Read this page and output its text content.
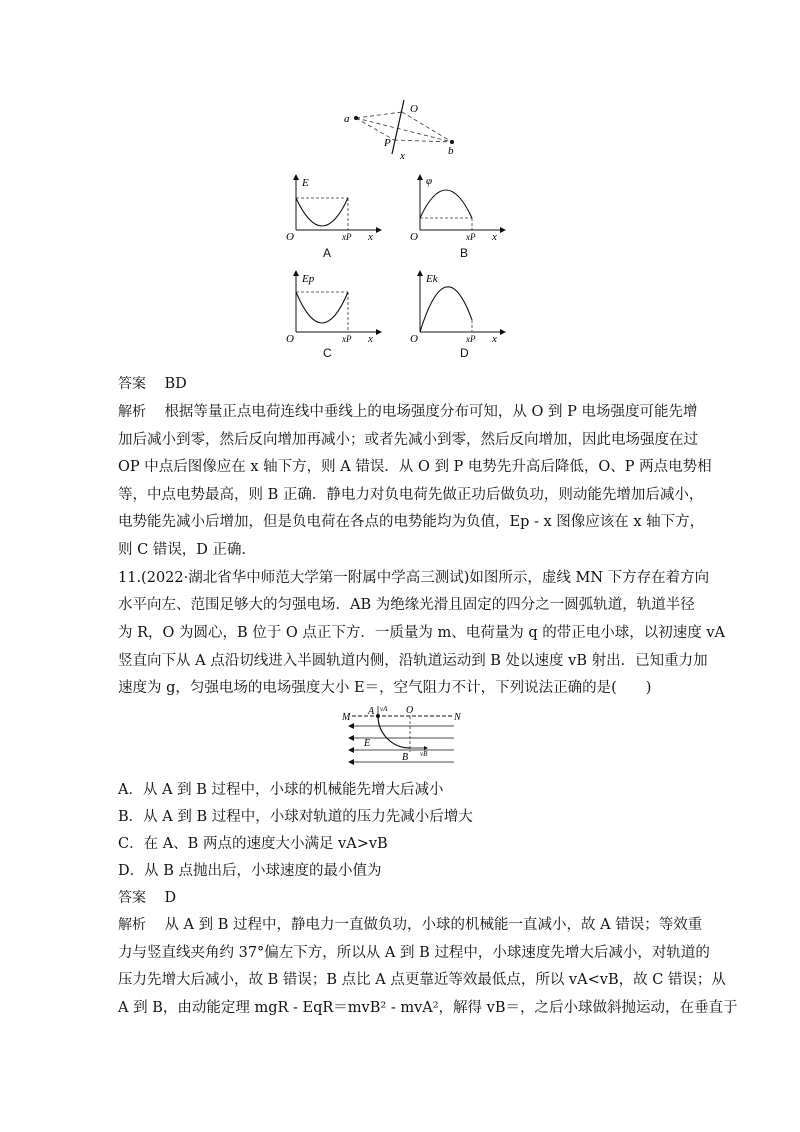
O
a
b
P
x
E
O	xP x
A
φ
O	xP x
B
Ep
O	xP x
C
Ek
O	xP x
D
答案 BD
解析 根据等量正点电荷连线中垂线上的电场强度分布可知，从 O 到 P 电场强度可能先增
加后减小到零，然后反向增加再减小；或者先减小到零，然后反向增加，因此电场强度在过
OP 中点后图像应在 x 轴下方，则 A 错误．从 O 到 P 电势先升高后降低，O、P 两点电势相
等，中点电势最高，则 B 正确．静电力对负电荷先做正功后做负功，则动能先增加后减小，
电势能先减小后增加，但是负电荷在各点的电势能均为负值，Ep - x 图像应该在 x 轴下方，
则 C 错误，D 正确．
11.(2022·湖北省华中师范大学第一附属中学高三测试)如图所示，虚线 MN 下方存在着方向
水平向左、范围足够大的匀强电场．AB 为绝缘光滑且固定的四分之一圆弧轨道，轨道半径
为 R，O 为圆心，B 位于 O 点正下方．一质量为 m、电荷量为 q 的带正电小球，以初速度 vA
竖直向下从 A 点沿切线进入半圆轨道内侧，沿轨道运动到 B 处以速度 vB 射出．已知重力加
速度为 g，匀强电场的电场强度大小 E＝，空气阻力不计，下列说法正确的是(　　)
M
A vA O
N
E
B vB
A．从 A 到 B 过程中，小球的机械能先增大后减小
B．从 A 到 B 过程中，小球对轨道的压力先减小后增大
C．在 A、B 两点的速度大小满足 vA>vB
D．从 B 点抛出后，小球速度的最小值为
答案 D
解析 从 A 到 B 过程中，静电力一直做负功，小球的机械能一直减小，故 A 错误；等效重
力与竖直线夹角约 37°偏左下方，所以从 A 到 B 过程中，小球速度先增大后减小，对轨道的
压力先增大后减小，故 B 错误；B 点比 A 点更靠近等效最低点，所以 vA<vB，故 C 错误；从
A 到 B，由动能定理 mgR - EqR＝mvB² - mvA²，解得 vB＝，之后小球做斜抛运动，在垂直于
